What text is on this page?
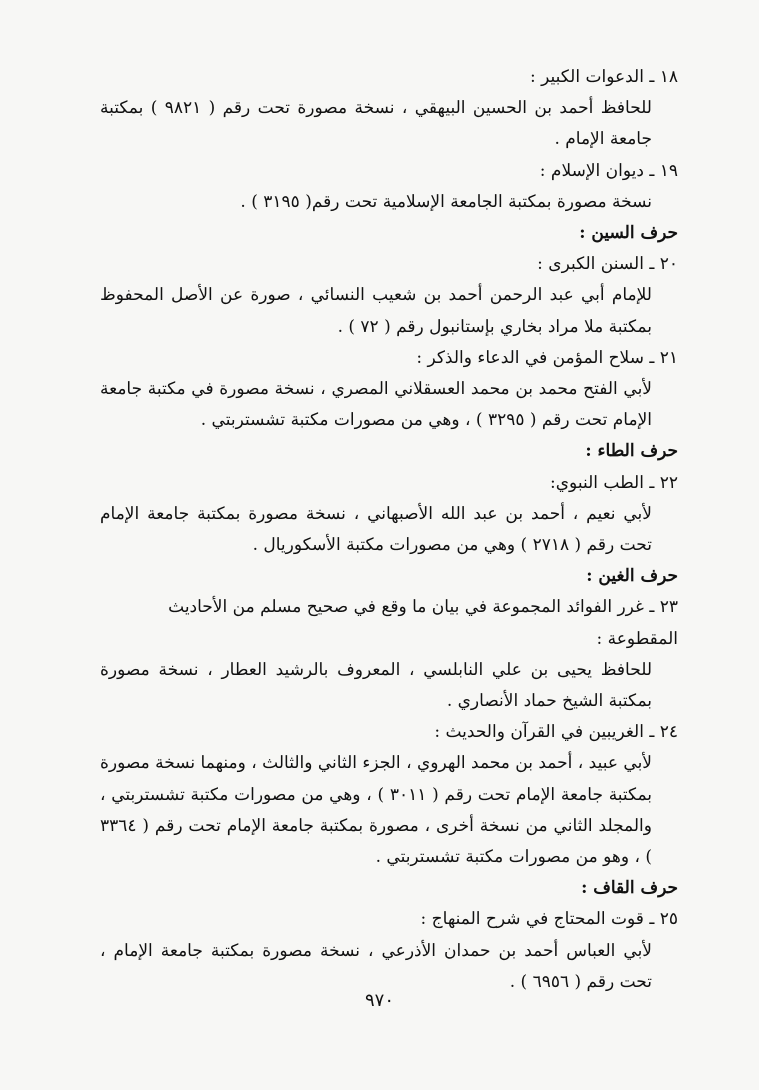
١٨ ـ الدعوات الكبير :
للحافظ أحمد بن الحسين البيهقي ، نسخة مصورة تحت رقم ( ٩٨٢١ ) بمكتبة جامعة الإمام .
١٩ ـ ديوان الإسلام :
نسخة مصورة بمكتبة الجامعة الإسلامية تحت رقم( ٣١٩٥ ) .
حرف السين :
٢٠ ـ السنن الكبرى :
للإمام أبي عبد الرحمن أحمد بن شعيب النسائي ، صورة عن الأصل المحفوظ بمكتبة ملا مراد بخاري بإستانبول رقم ( ٧٢ ) .
٢١ ـ سلاح المؤمن في الدعاء والذكر :
لأبي الفتح محمد بن محمد العسقلاني المصري ، نسخة مصورة في مكتبة جامعة الإمام تحت رقم ( ٣٢٩٥ ) ، وهي من مصورات مكتبة تشستربتي .
حرف الطاء :
٢٢ ـ الطب النبوي:
لأبي نعيم ، أحمد بن عبد الله الأصبهاني ، نسخة مصورة بمكتبة جامعة الإمام تحت رقم ( ٢٧١٨ ) وهي من مصورات مكتبة الأسكوريال .
حرف الغين :
٢٣ ـ غرر الفوائد المجموعة في بيان ما وقع في صحيح مسلم من الأحاديث المقطوعة :
للحافظ يحيى بن علي النابلسي ، المعروف بالرشيد العطار ، نسخة مصورة بمكتبة الشيخ حماد الأنصاري .
٢٤ ـ الغريبين في القرآن والحديث :
لأبي عبيد ، أحمد بن محمد الهروي ، الجزء الثاني والثالث ، ومنهما نسخة مصورة بمكتبة جامعة الإمام تحت رقم ( ٣٠١١ ) ، وهي من مصورات مكتبة تشستربتي ، والمجلد الثاني من نسخة أخرى ، مصورة بمكتبة جامعة الإمام تحت رقم ( ٣٣٦٤ ) ، وهو من مصورات مكتبة تشستربتي .
حرف القاف :
٢٥ ـ قوت المحتاج في شرح المنهاج :
لأبي العباس أحمد بن حمدان الأذرعي ، نسخة مصورة بمكتبة جامعة الإمام ، تحت رقم ( ٦٩٥٦ ) .
٩٧٠
